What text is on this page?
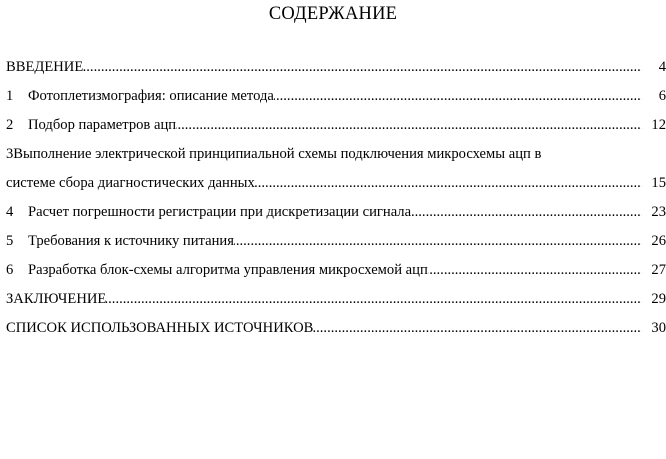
СОДЕРЖАНИЕ
.....
ВВЕДЕНИЕ	4
.....
1 Фотоплетизмография: описание метода	6
.....
2 Подбор параметров ацп	12
3Выполнение электрической принципиальной схемы подключения микросхемы ацп в
.....
системе сбора диагностических данных	15
.....
4 Расчет погрешности регистрации при дискретизации сигнала	23
.....
5 Требования к источнику питания	26
.....
6 Разработка блок-схемы алгоритма управления микросхемой ацп	27
.....
ЗАКЛЮЧЕНИЕ	29
.....
СПИСОК ИСПОЛЬЗОВАННЫХ ИСТОЧНИКОВ	30
